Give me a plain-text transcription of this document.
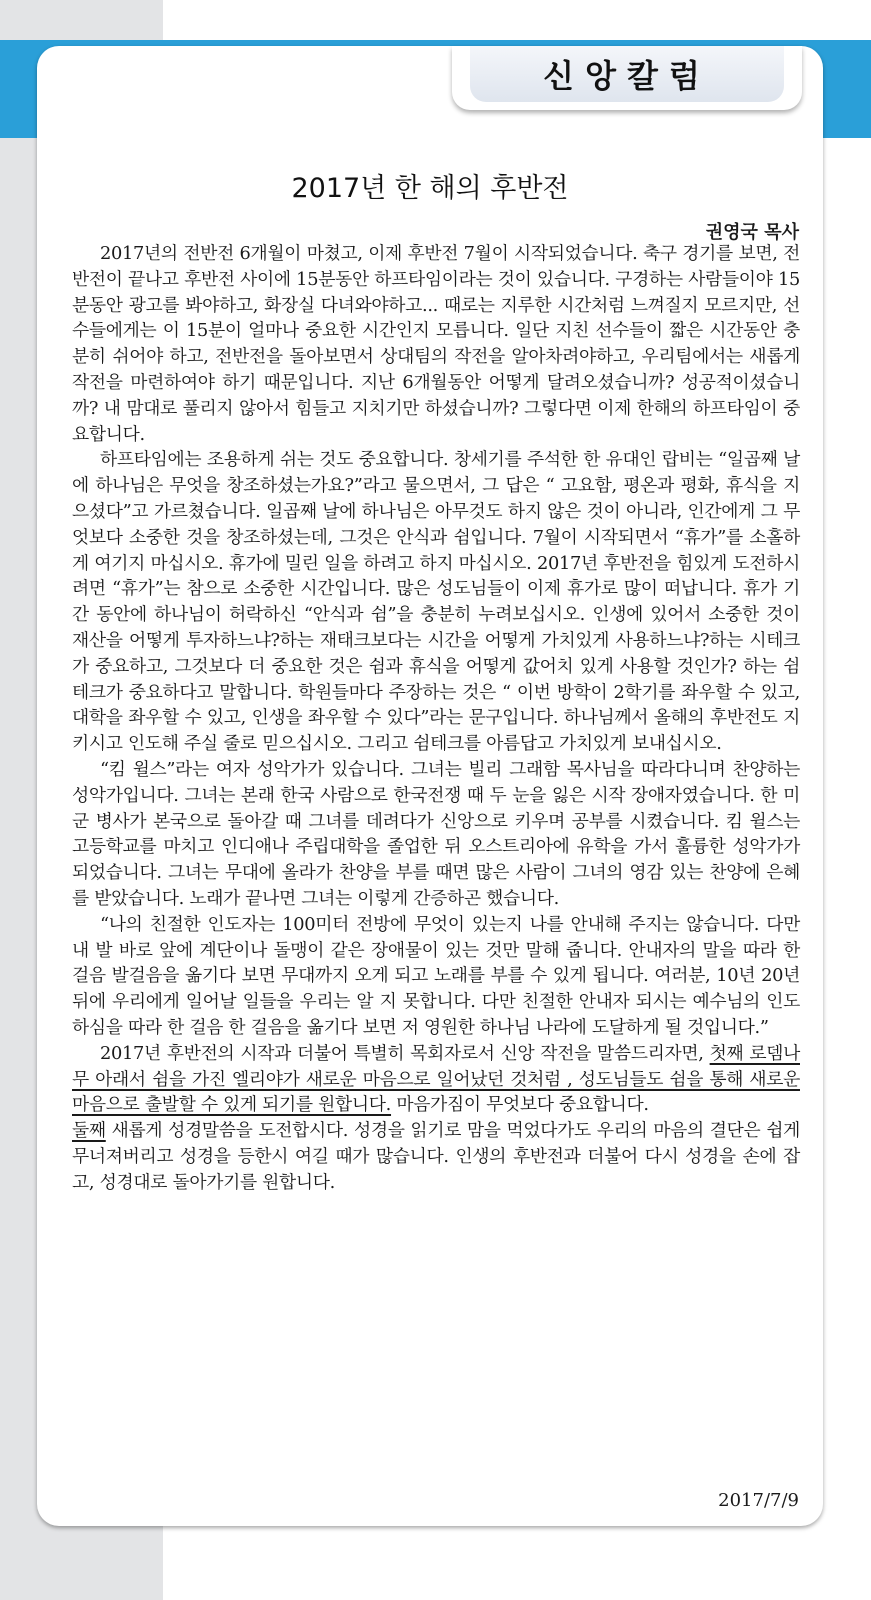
신앙칼럼
2017년 한 해의 후반전
권영국 목사

2017년의 전반전 6개월이 마쳤고, 이제 후반전 7월이 시작되었습니다. 축구 경기를 보면, 전반전이 끝나고 후반전 사이에 15분동안 하프타임이라는 것이 있습니다. 구경하는 사람들이야 15분동안 광고를 봐야하고, 화장실 다녀와야하고... 때로는 지루한 시간처럼 느껴질지 모르지만, 선수들에게는 이 15분이 얼마나 중요한 시간인지 모릅니다. 일단 지친 선수들이 짧은 시간동안 충분히 쉬어야 하고, 전반전을 돌아보면서 상대팀의 작전을 알아차려야하고, 우리팀에서는 새롭게 작전을 마련하여야 하기 때문입니다. 지난 6개월동안 어떻게 달려오셨습니까? 성공적이셨습니까? 내 맘대로 풀리지 않아서 힘들고 지치기만 하셨습니까? 그렇다면 이제 한해의 하프타임이 중요합니다.

하프타임에는 조용하게 쉬는 것도 중요합니다. 창세기를 주석한 한 유대인 랍비는 “일곱째 날에 하나님은 무엇을 창조하셨는가요?”라고 물으면서, 그 답은 “ 고요함, 평온과 평화, 휴식을 지으셨다”고 가르쳤습니다. 일곱째 날에 하나님은 아무것도 하지 않은 것이 아니라, 인간에게 그 무엇보다 소중한 것을 창조하셨는데, 그것은 안식과 쉼입니다. 7월이 시작되면서 “휴가”를 소홀하게 여기지 마십시오. 휴가에 밀린 일을 하려고 하지 마십시오. 2017년 후반전을 힘있게 도전하시려면 “휴가”는 참으로 소중한 시간입니다. 많은 성도님들이 이제 휴가로 많이 떠납니다. 휴가 기간 동안에 하나님이 허락하신 “안식과 쉼”을 충분히 누려보십시오. 인생에 있어서 소중한 것이 재산을 어떻게 투자하느냐?하는 재태크보다는 시간을 어떻게 가치있게 사용하느냐?하는 시테크가 중요하고, 그것보다 더 중요한 것은 쉼과 휴식을 어떻게 값어치 있게 사용할 것인가? 하는 쉼테크가 중요하다고 말합니다. 학원들마다 주장하는 것은 “ 이번 방학이 2학기를 좌우할 수 있고, 대학을 좌우할 수 있고, 인생을 좌우할 수 있다”라는 문구입니다. 하나님께서 올해의 후반전도 지키시고 인도해 주실 줄로 믿으십시오. 그리고 쉼테크를 아름답고 가치있게 보내십시오.

“킴 윌스”라는 여자 성악가가 있습니다. 그녀는 빌리 그래함 목사님을 따라다니며 찬양하는 성악가입니다. 그녀는 본래 한국 사람으로 한국전쟁 때 두 눈을 잃은 시작 장애자였습니다. 한 미군 병사가 본국으로 돌아갈 때 그녀를 데려다가 신앙으로 키우며 공부를 시켰습니다. 킴 윌스는 고등학교를 마치고 인디애나 주립대학을 졸업한 뒤 오스트리아에 유학을 가서 훌륭한 성악가가 되었습니다. 그녀는 무대에 올라가 찬양을 부를 때면 많은 사람이 그녀의 영감 있는 찬양에 은혜를 받았습니다. 노래가 끝나면 그녀는 이렇게 간증하곤 했습니다.

“나의 친절한 인도자는 100미터 전방에 무엇이 있는지 나를 안내해 주지는 않습니다. 다만 내 발 바로 앞에 계단이나 돌맹이 같은 장애물이 있는 것만 말해 줍니다. 안내자의 말을 따라 한 걸음 발걸음을 옮기다 보면 무대까지 오게 되고 노래를 부를 수 있게 됩니다. 여러분, 10년 20년 뒤에 우리에게 일어날 일들을 우리는 알 지 못합니다. 다만 친절한 안내자 되시는 예수님의 인도하심을 따라 한 걸음 한 걸음을 옮기다 보면 저 영원한 하나님 나라에 도달하게 될 것입니다.”

2017년 후반전의 시작과 더불어 특별히 목회자로서 신앙 작전을 말씀드리자면, 첫째 로뎀나무 아래서 쉼을 가진 엘리야가 새로운 마음으로 일어났던 것처럼 , 성도님들도 쉼을 통해 새로운 마음으로 출발할 수 있게 되기를 원합니다. 마음가짐이 무엇보다 중요합니다.

둘째 새롭게 성경말씀을 도전합시다. 성경을 읽기로 맘을 먹었다가도 우리의 마음의 결단은 쉽게 무너져버리고 성경을 등한시 여길 때가 많습니다. 인생의 후반전과 더불어 다시 성경을 손에 잡고, 성경대로 돌아가기를 원합니다.

2017/7/9
